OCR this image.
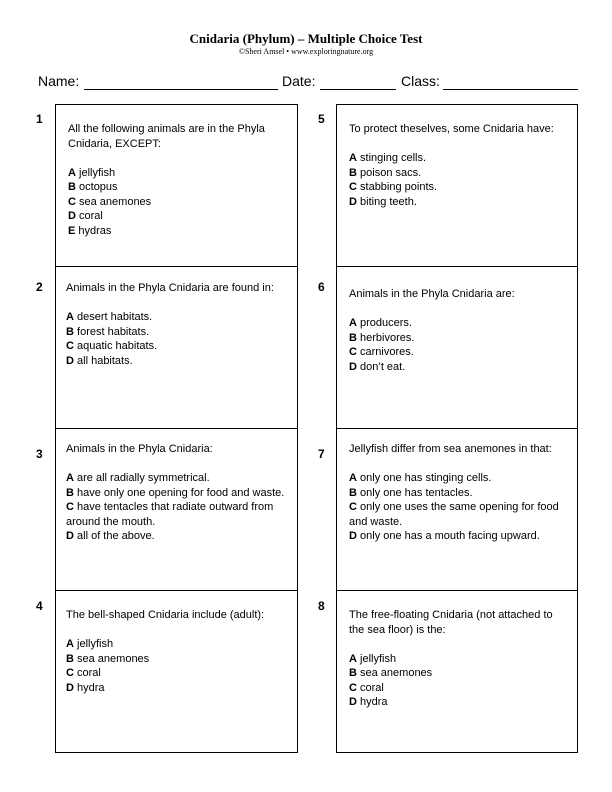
Cnidaria (Phylum) – Multiple Choice Test
©Sheri Amsel • www.exploringnature.org
Name:	Date:	Class:
1
2
3
4
5
6
7
8

All the following animals are in the Phyla Cnidaria, EXCEPT:

A jellyfish

B octopus

C sea anemones

D coral

E hydras

Animals in the Phyla Cnidaria are found in:

A desert habitats.

B forest habitats.

C aquatic habitats.

D all habitats.

Animals in the Phyla Cnidaria:

A are all radially symmetrical.

B have only one opening for food and waste.

C have tentacles that radiate outward from around the mouth.

D all of the above.

The bell-shaped Cnidaria include (adult):

A jellyfish

B sea anemones

C coral

D hydra

To protect theselves, some Cnidaria have:

A stinging cells.

B poison sacs.

C stabbing points.

D biting teeth.

Animals in the Phyla Cnidaria are:

A producers.

B herbivores.

C carnivores.

D don’t eat.

Jellyfish differ from sea anemones in that:

A only one has stinging cells.

B only one has tentacles.

C only one uses the same opening for food and waste.

D only one has a mouth facing upward.

The free-floating Cnidaria (not attached to the sea floor) is the:

A jellyfish

B sea anemones

C coral

D hydra
